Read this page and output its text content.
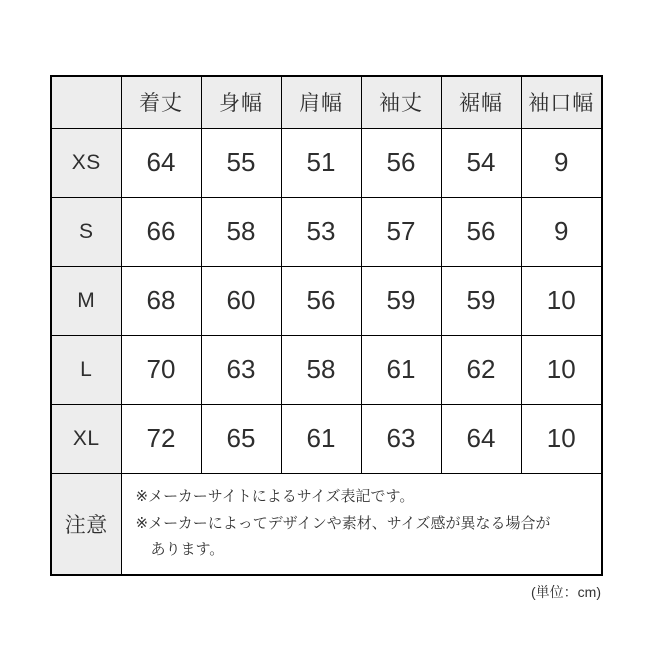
	着丈	身幅	肩幅	袖丈	裾幅	袖口幅
XS	64	55	51	56	54	9
S	66	58	53	57	56	9
M	68	60	56	59	59	10
L	70	63	58	61	62	10
XL	72	65	61	63	64	10
注意	※メーカーサイトによるサイズ表記です。
※メーカーによってデザインや素材、サイズ感が異なる場合が
あります。					
(単位：cm)
